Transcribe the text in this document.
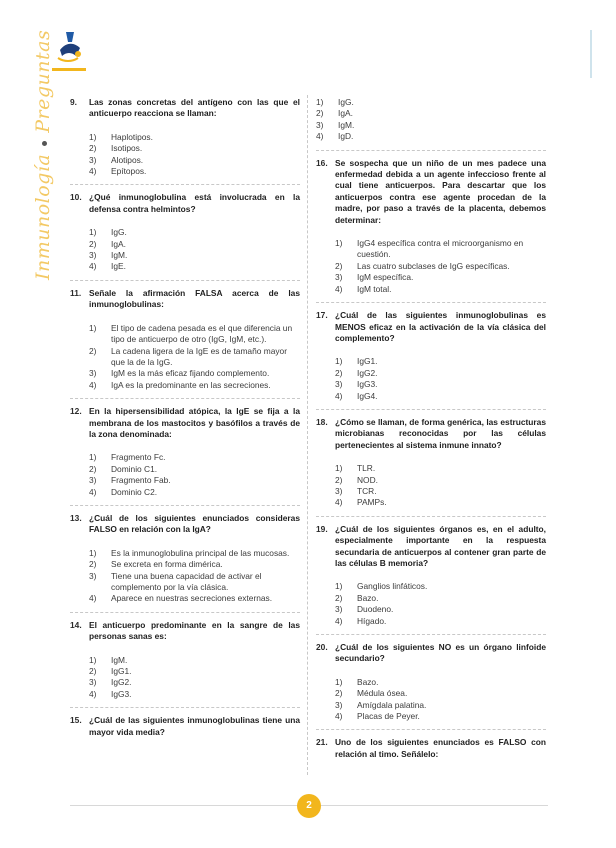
InmunologíaPreguntas 9. Las zonas concretas del antígeno con las que el anticuerpo reacciona se llaman:
1) Haplotipos.
2) Isotipos.
3) Alotipos.
4) Epítopos.
10. ¿Qué inmunoglobulina está involucrada en la defensa contra helmintos?
1) IgG.
2) IgA.
3) IgM.
4) IgE.
11. Señale la afirmación FALSA acerca de las inmunoglobulinas:
1) El tipo de cadena pesada es el que diferencia un tipo de anticuerpo de otro (IgG, IgM, etc.).
2) La cadena ligera de la IgE es de tamaño mayor que la de la IgG.
3) IgM es la más eficaz fijando complemento.
4) IgA es la predominante en las secreciones.
12. En la hipersensibilidad atópica, la IgE se fija a la membrana de los mastocitos y basófilos a través de la zona denominada:
1) Fragmento Fc.
2) Dominio C1.
3) Fragmento Fab.
4) Dominio C2.
13. ¿Cuál de los siguientes enunciados consideras FALSO en relación con la IgA?
1) Es la inmunoglobulina principal de las mucosas.
2) Se excreta en forma dimérica.
3) Tiene una buena capacidad de activar el complemento por la vía clásica.
4) Aparece en nuestras secreciones externas.
14. El anticuerpo predominante en la sangre de las personas sanas es:
1) IgM.
2) IgG1.
3) IgG2.
4) IgG3.
15. ¿Cuál de las siguientes inmunoglobulinas tiene una mayor vida media?
1) IgG.
2) IgA.
3) IgM.
4) IgD.
16. Se sospecha que un niño de un mes padece una enfermedad debida a un agente infeccioso frente al cual tiene anticuerpos. Para descartar que los anticuerpos contra ese agente procedan de la madre, por paso a través de la placenta, debemos determinar:
1) IgG4 específica contra el microorganismo en cuestión.
2) Las cuatro subclases de IgG específicas.
3) IgM específica.
4) IgM total.
17. ¿Cuál de las siguientes inmunoglobulinas es MENOS eficaz en la activación de la vía clásica del complemento?
1) IgG1.
2) IgG2.
3) IgG3.
4) IgG4.
18. ¿Cómo se llaman, de forma genérica, las estructuras microbianas reconocidas por las células pertenecientes al sistema inmune innato?
1) TLR.
2) NOD.
3) TCR.
4) PAMPs.
19. ¿Cuál de los siguientes órganos es, en el adulto, especialmente importante en la respuesta secundaria de anticuerpos al contener gran parte de las células B memoria?
1) Ganglios linfáticos.
2) Bazo.
3) Duodeno.
4) Hígado.
20. ¿Cuál de los siguientes NO es un órgano linfoide secundario?
1) Bazo.
2) Médula ósea.
3) Amígdala palatina.
4) Placas de Peyer.
21. Uno de los siguientes enunciados es FALSO con relación al timo. Señálelo:
2
